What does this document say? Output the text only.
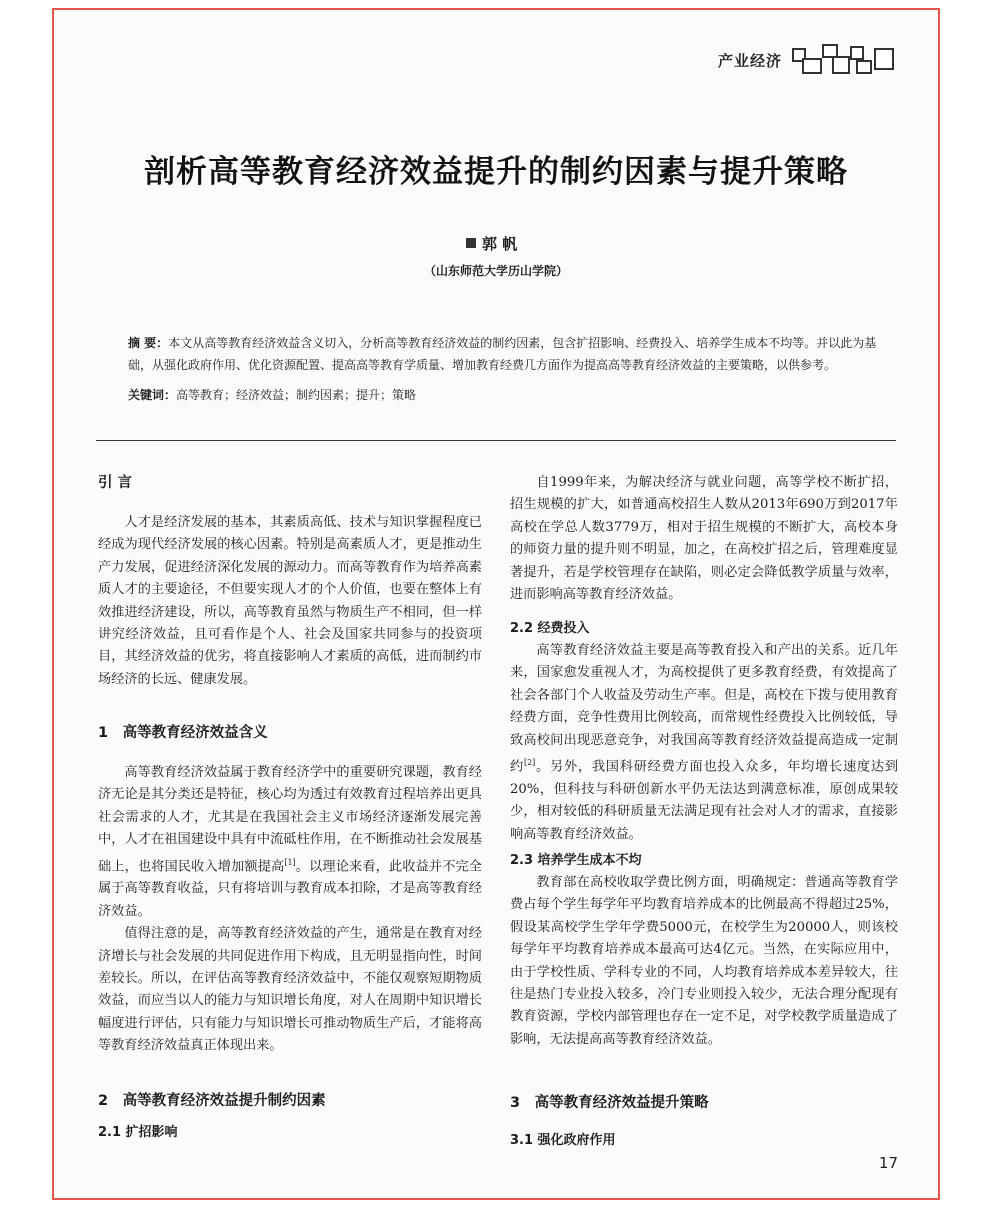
产业经济
剖析高等教育经济效益提升的制约因素与提升策略
郭 帆
（山东师范大学历山学院）

摘 要：本文从高等教育经济效益含义切入，分析高等教育经济效益的制约因素，包含扩招影响、经费投入、培养学生成本不均等。并以此为基础，从强化政府作用、优化资源配置、提高高等教育学质量、增加教育经费几方面作为提高高等教育经济效益的主要策略，以供参考。

关键词：高等教育；经济效益；制约因素；提升；策略

引 言

人才是经济发展的基本，其素质高低、技术与知识掌握程度已经成为现代经济发展的核心因素。特别是高素质人才，更是推动生产力发展，促进经济深化发展的源动力。而高等教育作为培养高素质人才的主要途径，不但要实现人才的个人价值，也要在整体上有效推进经济建设，所以，高等教育虽然与物质生产不相同，但一样讲究经济效益，且可看作是个人、社会及国家共同参与的投资项目，其经济效益的优劣，将直接影响人才素质的高低，进而制约市场经济的长远、健康发展。

1　高等教育经济效益含义

高等教育经济效益属于教育经济学中的重要研究课题，教育经济无论是其分类还是特征，核心均为透过有效教育过程培养出更具社会需求的人才，尤其是在我国社会主义市场经济逐渐发展完善中，人才在祖国建设中具有中流砥柱作用，在不断推动社会发展基础上，也将国民收入增加额提高[1]。以理论来看，此收益并不完全属于高等教育收益，只有将培训与教育成本扣除，才是高等教育经济效益。

值得注意的是，高等教育经济效益的产生，通常是在教育对经济增长与社会发展的共同促进作用下构成，且无明显指向性，时间差较长。所以，在评估高等教育经济效益中，不能仅观察短期物质效益，而应当以人的能力与知识增长角度，对人在周期中知识增长幅度进行评估，只有能力与知识增长可推动物质生产后，才能将高等教育经济效益真正体现出来。

2　高等教育经济效益提升制约因素
2.1 扩招影响

自1999年来，为解决经济与就业问题，高等学校不断扩招，招生规模的扩大，如普通高校招生人数从2013年690万到2017年高校在学总人数3779万，相对于招生规模的不断扩大，高校本身的师资力量的提升则不明显，加之，在高校扩招之后，管理难度显著提升，若是学校管理存在缺陷，则必定会降低教学质量与效率，进而影响高等教育经济效益。

2.2 经费投入

高等教育经济效益主要是高等教育投入和产出的关系。近几年来，国家愈发重视人才，为高校提供了更多教育经费，有效提高了社会各部门个人收益及劳动生产率。但是，高校在下拨与使用教育经费方面，竞争性费用比例较高，而常规性经费投入比例较低，导致高校间出现恶意竞争，对我国高等教育经济效益提高造成一定制约[2]。另外，我国科研经费方面也投入众多，年均增长速度达到20%，但科技与科研创新水平仍无法达到满意标准，原创成果较少，相对较低的科研质量无法满足现有社会对人才的需求，直接影响高等教育经济效益。

2.3 培养学生成本不均

教育部在高校收取学费比例方面，明确规定：普通高等教育学费占每个学生每学年平均教育培养成本的比例最高不得超过25%，假设某高校学生学年学费5000元，在校学生为20000人，则该校每学年平均教育培养成本最高可达4亿元。当然，在实际应用中，由于学校性质、学科专业的不同，人均教育培养成本差异较大，往往是热门专业投入较多，冷门专业则投入较少，无法合理分配现有教育资源，学校内部管理也存在一定不足，对学校教学质量造成了影响，无法提高高等教育经济效益。

3　高等教育经济效益提升策略
3.1 强化政府作用
17
